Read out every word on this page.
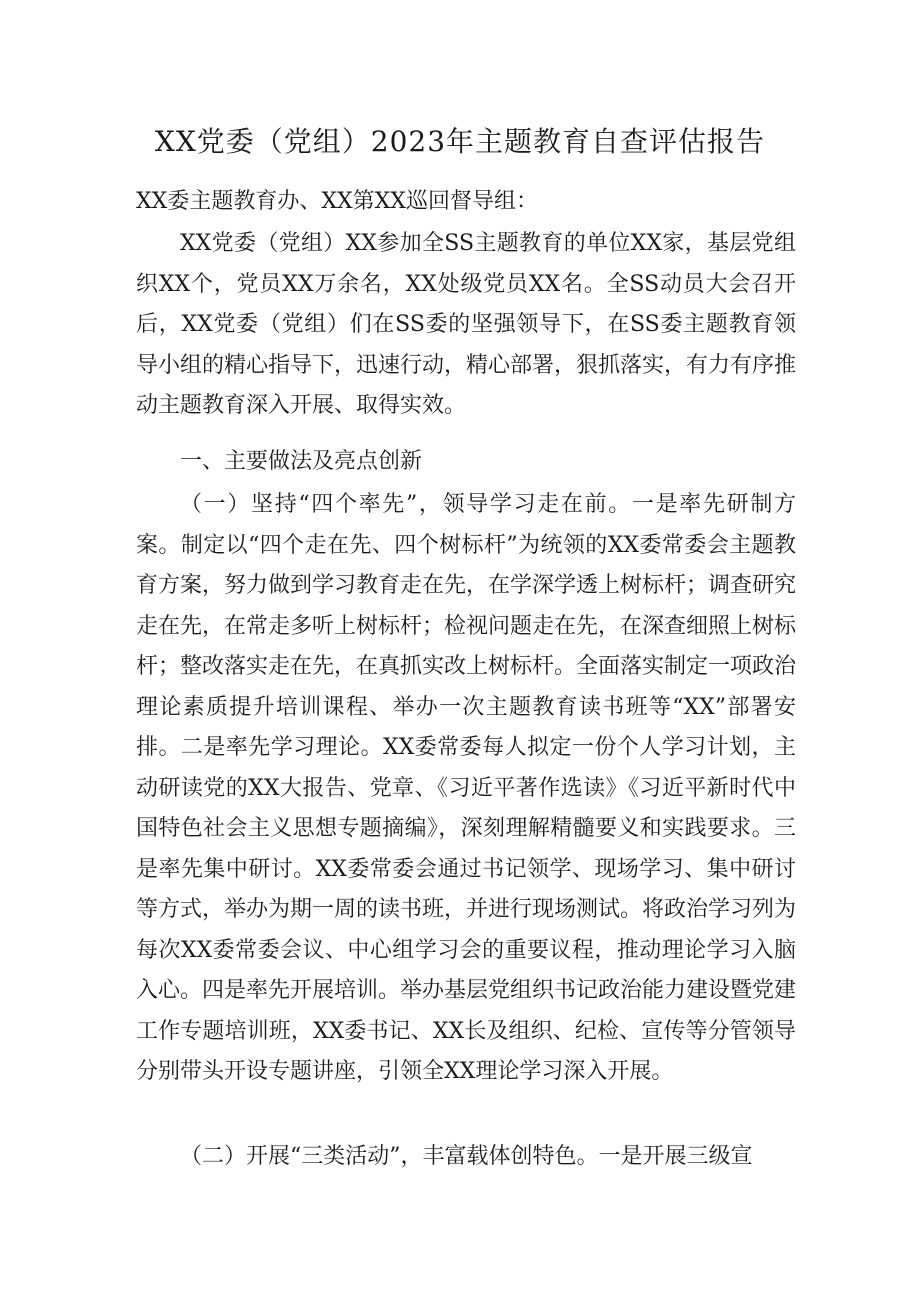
XX党委（党组）2023年主题教育自查评估报告
XX委主题教育办、XX第XX巡回督导组：

XX党委（党组）XX参加全SS主题教育的单位XX家，基层党组织XX个，党员XX万余名，XX处级党员XX名。全SS动员大会召开后，XX党委（党组）们在SS委的坚强领导下，在SS委主题教育领导小组的精心指导下，迅速行动，精心部署，狠抓落实，有力有序推动主题教育深入开展、取得实效。

一、主要做法及亮点创新

（一）坚持“四个率先”，领导学习走在前。一是率先研制方案。制定以“四个走在先、四个树标杆”为统领的XX委常委会主题教育方案，努力做到学习教育走在先，在学深学透上树标杆；调查研究走在先，在常走多听上树标杆；检视问题走在先，在深查细照上树标杆；整改落实走在先，在真抓实改上树标杆。全面落实制定一项政治理论素质提升培训课程、举办一次主题教育读书班等“XX”部署安排。二是率先学习理论。XX委常委每人拟定一份个人学习计划，主动研读党的XX大报告、党章、《习近平著作选读》《习近平新时代中国特色社会主义思想专题摘编》，深刻理解精髓要义和实践要求。三是率先集中研讨。XX委常委会通过书记领学、现场学习、集中研讨等方式，举办为期一周的读书班，并进行现场测试。将政治学习列为每次XX委常委会议、中心组学习会的重要议程，推动理论学习入脑入心。四是率先开展培训。举办基层党组织书记政治能力建设暨党建工作专题培训班，XX委书记、XX长及组织、纪检、宣传等分管领导分别带头开设专题讲座，引领全XX理论学习深入开展。

（二）开展“三类活动”，丰富载体创特色。一是开展三级宣
